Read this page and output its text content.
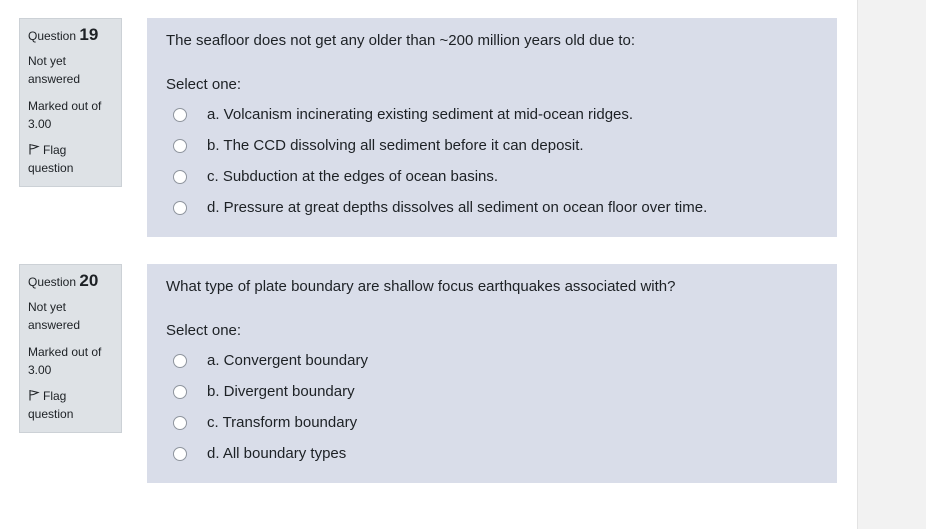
Question 19
Not yet answered
Marked out of 3.00
Flag question
The seafloor does not get any older than ~200 million years old due to:
Select one:
a. Volcanism incinerating existing sediment at mid-ocean ridges.
b. The CCD dissolving all sediment before it can deposit.
c. Subduction at the edges of ocean basins.
d. Pressure at great depths dissolves all sediment on ocean floor over time.
Question 20
Not yet answered
Marked out of 3.00
Flag question
What type of plate boundary are shallow focus earthquakes associated with?
Select one:
a. Convergent boundary
b. Divergent boundary
c. Transform boundary
d. All boundary types
